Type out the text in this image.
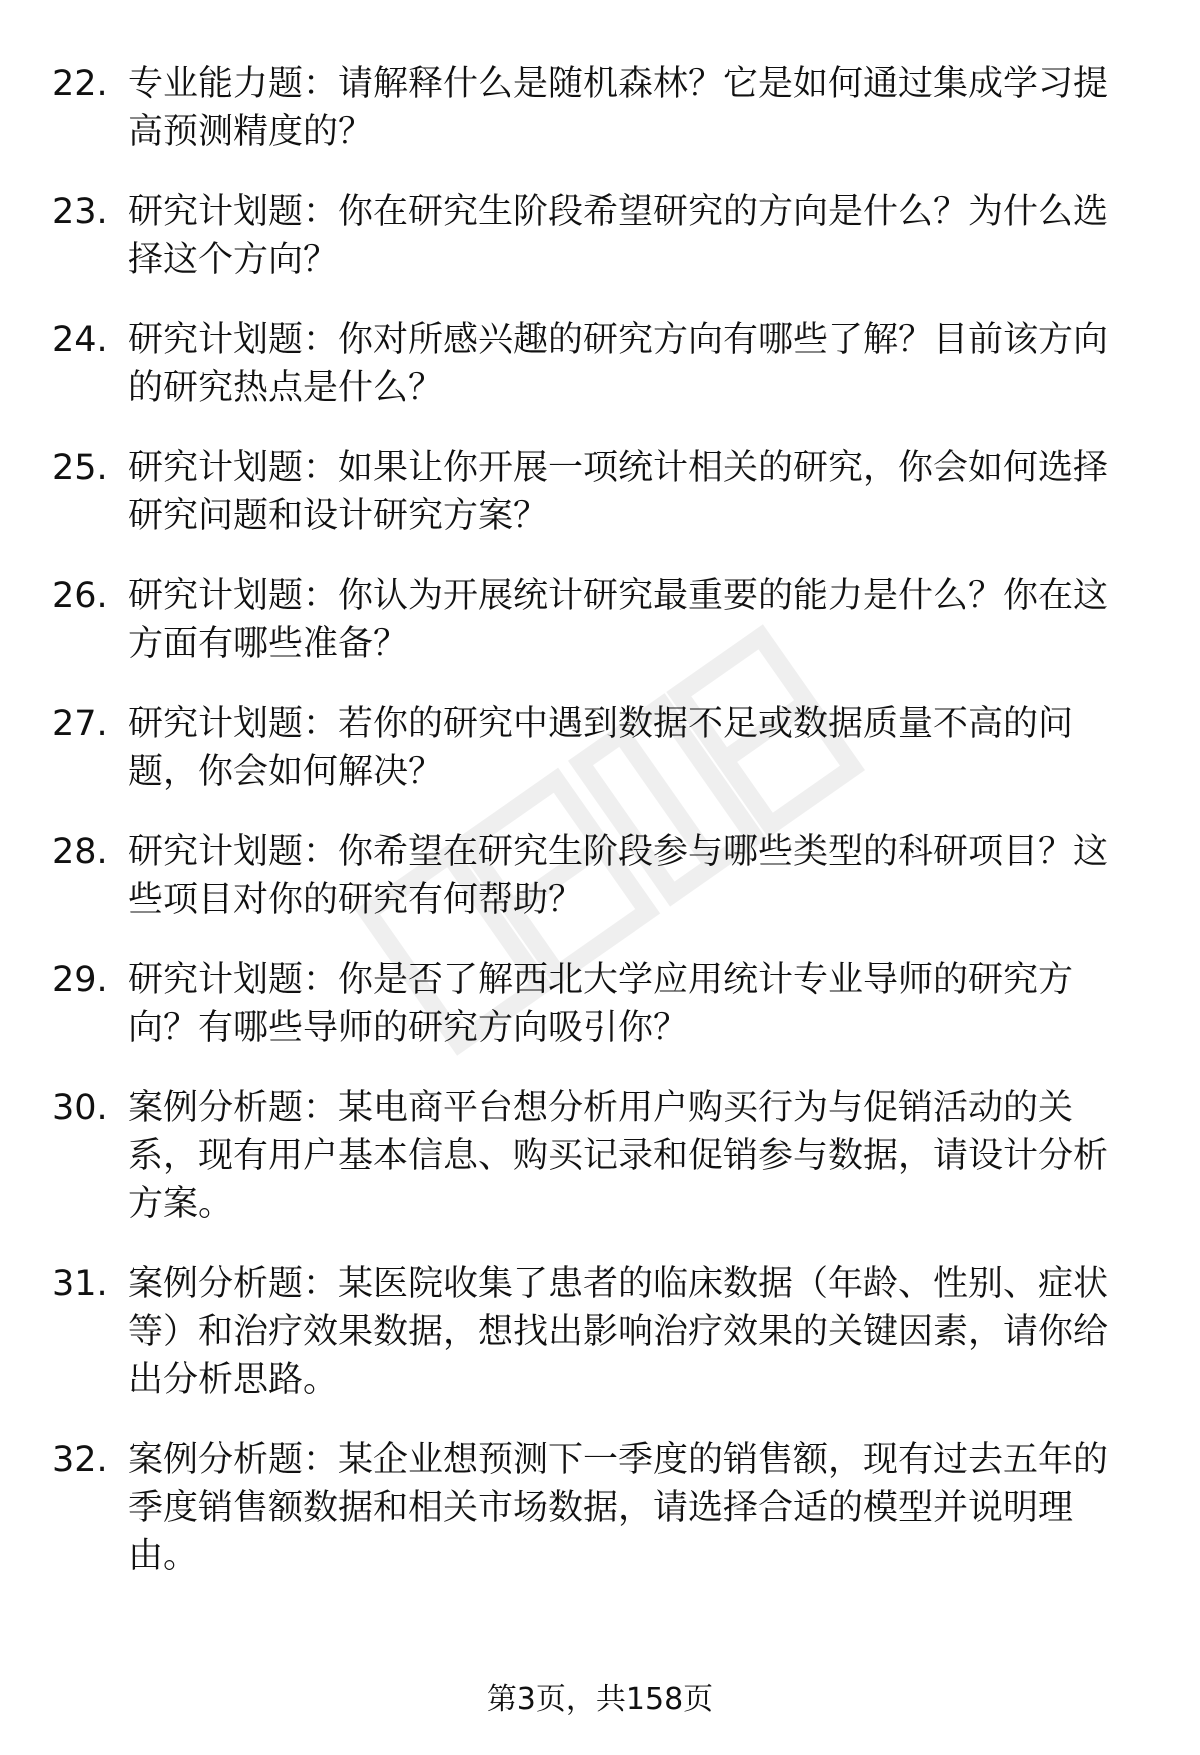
22. 专业能力题：请解释什么是随机森林？它是如何通过集成学习提高预测精度的？
23. 研究计划题：你在研究生阶段希望研究的方向是什么？为什么选择这个方向？
24. 研究计划题：你对所感兴趣的研究方向有哪些了解？目前该方向的研究热点是什么？
25. 研究计划题：如果让你开展一项统计相关的研究，你会如何选择研究问题和设计研究方案？
26. 研究计划题：你认为开展统计研究最重要的能力是什么？你在这方面有哪些准备？
27. 研究计划题：若你的研究中遇到数据不足或数据质量不高的问题，你会如何解决？
28. 研究计划题：你希望在研究生阶段参与哪些类型的科研项目？这些项目对你的研究有何帮助？
29. 研究计划题：你是否了解西北大学应用统计专业导师的研究方向？有哪些导师的研究方向吸引你？
30. 案例分析题：某电商平台想分析用户购买行为与促销活动的关系，现有用户基本信息、购买记录和促销参与数据，请设计分析方案。
31. 案例分析题：某医院收集了患者的临床数据（年龄、性别、症状等）和治疗效果数据，想找出影响治疗效果的关键因素，请你给出分析思路。
32. 案例分析题：某企业想预测下一季度的销售额，现有过去五年的季度销售额数据和相关市场数据，请选择合适的模型并说明理由。
第3页，共158页
